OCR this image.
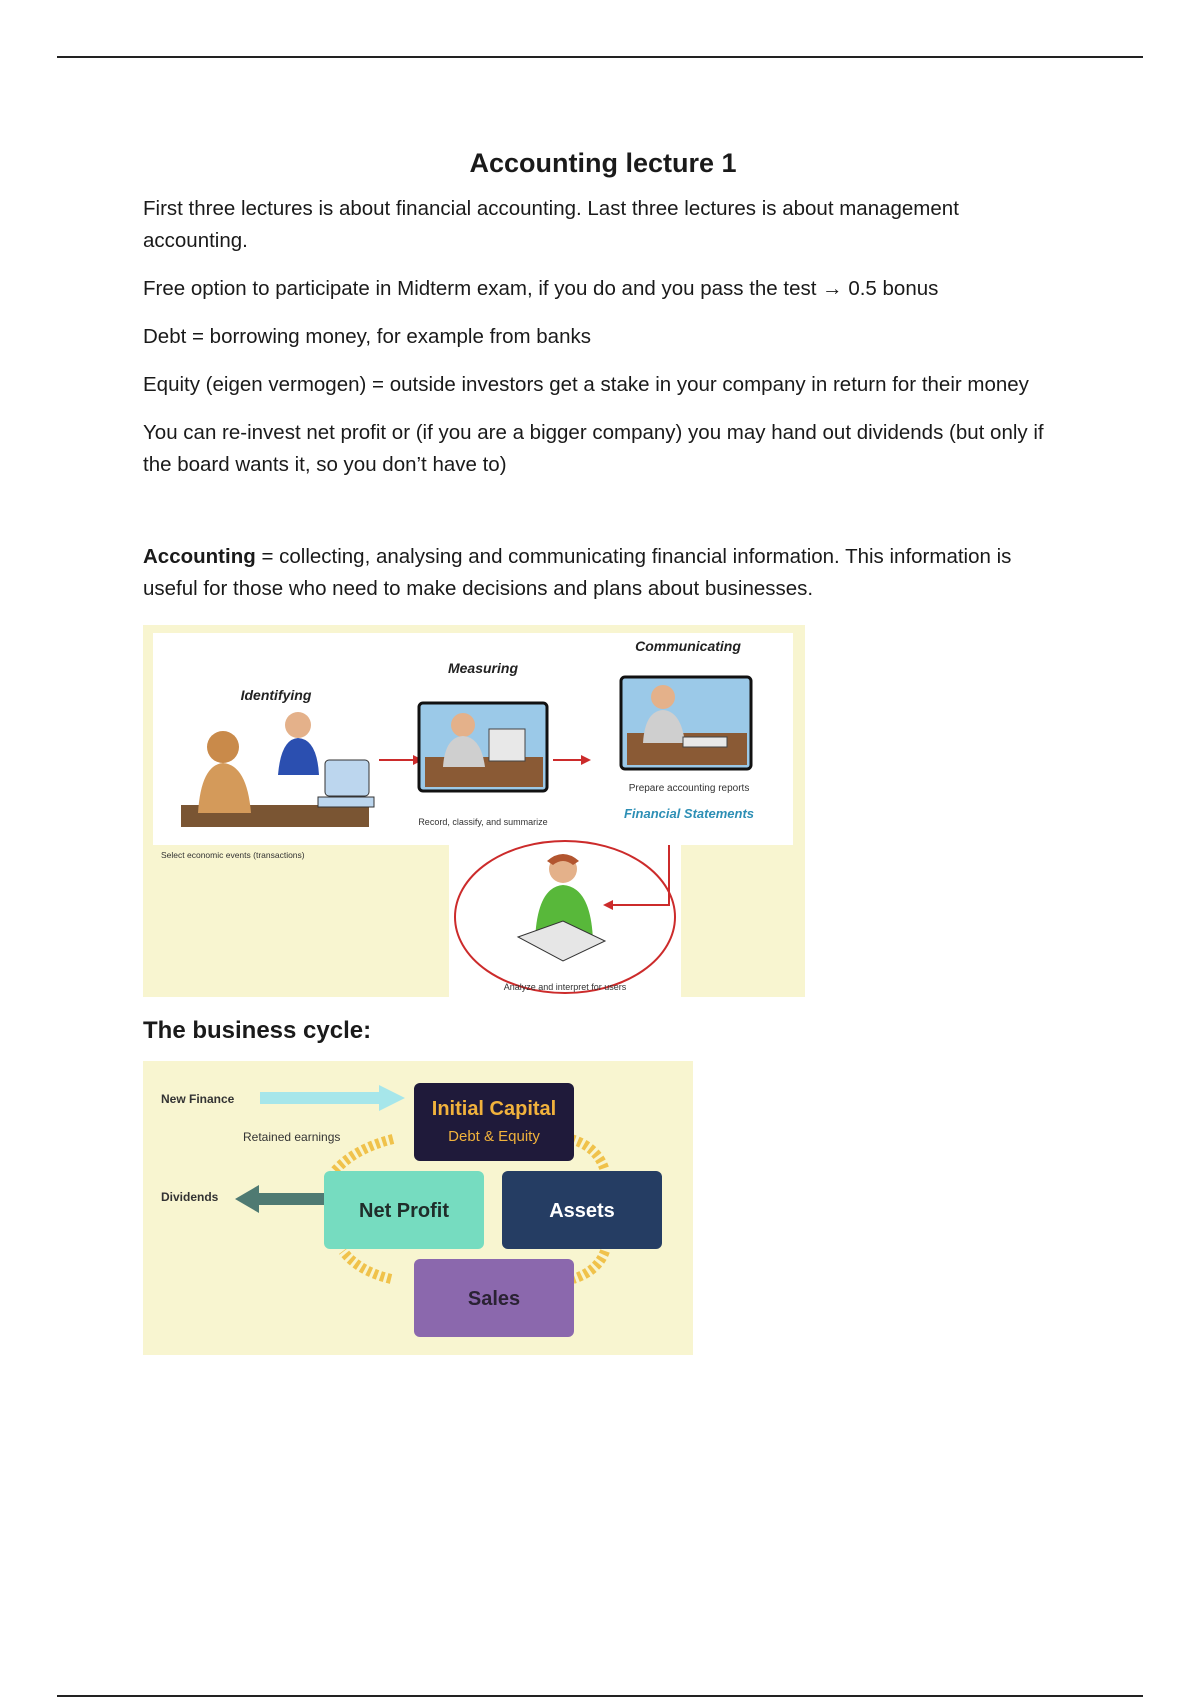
Accounting lecture 1

First three lectures is about financial accounting. Last three lectures is about management accounting.

Free option to participate in Midterm exam, if you do and you pass the test → 0.5 bonus

Debt = borrowing money, for example from banks

Equity (eigen vermogen) = outside investors get a stake in your company in return for their money

You can re-invest net profit or (if you are a bigger company) you may hand out dividends (but only if the board wants it, so you don’t have to)

Accounting = collecting, analysing and communicating financial information. This information is useful for those who need to make decisions and plans about businesses.

Identifying
Select economic events (transactions)
Measuring
Record, classify, and summarize
Communicating
Prepare accounting reports
Financial Statements
Analyze and interpret for users
The business cycle:
New Finance
Retained earnings
Dividends
Initial Capital
Debt & Equity
Net Profit	Assets
Sales
